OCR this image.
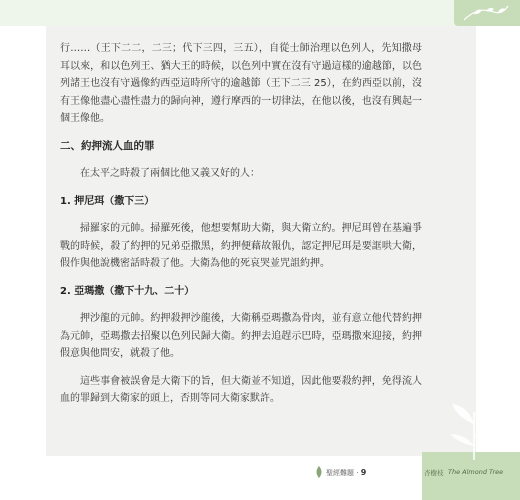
行……（王下二二，二三；代下三四，三五），自從士師治理以色列人，先知撒母耳以來，和以色列王、猶大王的時候，以色列中實在沒有守過這樣的逾越節，以色列諸王也沒有守過像約西亞這時所守的逾越節（王下二三 25），在約西亞以前，沒有王像他盡心盡性盡力的歸向神，遵行摩西的一切律法，在他以後，也沒有興起一個王像他。

二、約押流人血的罪

在太平之時殺了兩個比他又義又好的人：

1. 押尼珥（撒下三）

掃羅家的元帥。掃羅死後，他想要幫助大衛，與大衛立約。押尼珥曾在基遍爭戰的時候，殺了約押的兄弟亞撒黑，約押便藉故報仇，認定押尼珥是要誆哄大衛，假作與他說機密話時殺了他。大衛為他的死哀哭並咒詛約押。

2. 亞瑪撒（撒下十九、二十）

押沙龍的元帥。約押殺押沙龍後，大衛稱亞瑪撒為骨肉，並有意立他代替約押為元帥，亞瑪撒去招聚以色列民歸大衛。約押去追趕示巴時，亞瑪撒來迎接，約押假意與他問安，就殺了他。

這些事會被誤會是大衛下的旨，但大衛並不知道，因此他要殺約押，免得流人血的罪歸到大衛家的頭上，否則等同大衛家默許。

聖經難題 · 9	杏樹枝 The Almond Tree
